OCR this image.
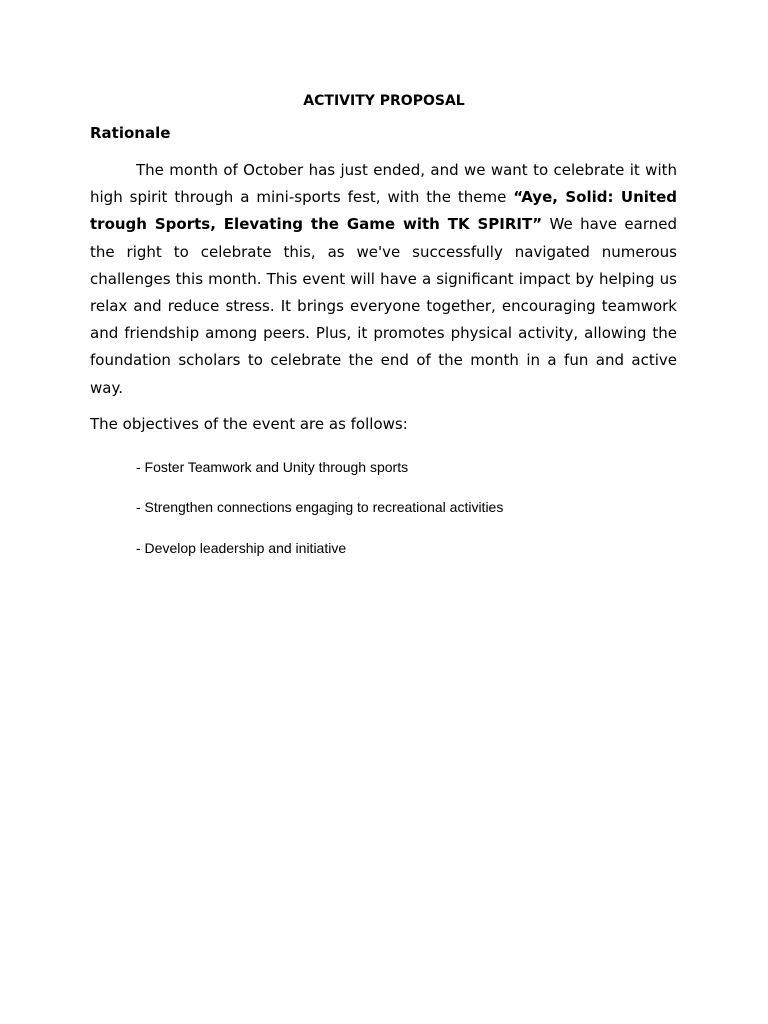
ACTIVITY PROPOSAL
Rationale

The month of October has just ended, and we want to celebrate it with high spirit through a mini-sports fest, with the theme “Aye, Solid: United trough Sports, Elevating the Game with TK SPIRIT” We have earned the right to celebrate this, as we've successfully navigated numerous challenges this month. This event will have a significant impact by helping us relax and reduce stress. It brings everyone together, encouraging teamwork and friendship among peers. Plus, it promotes physical activity, allowing the foundation scholars to celebrate the end of the month in a fun and active way.

The objectives of the event are as follows:

- Foster Teamwork and Unity through sports

- Strengthen connections engaging to recreational activities

- Develop leadership and initiative
